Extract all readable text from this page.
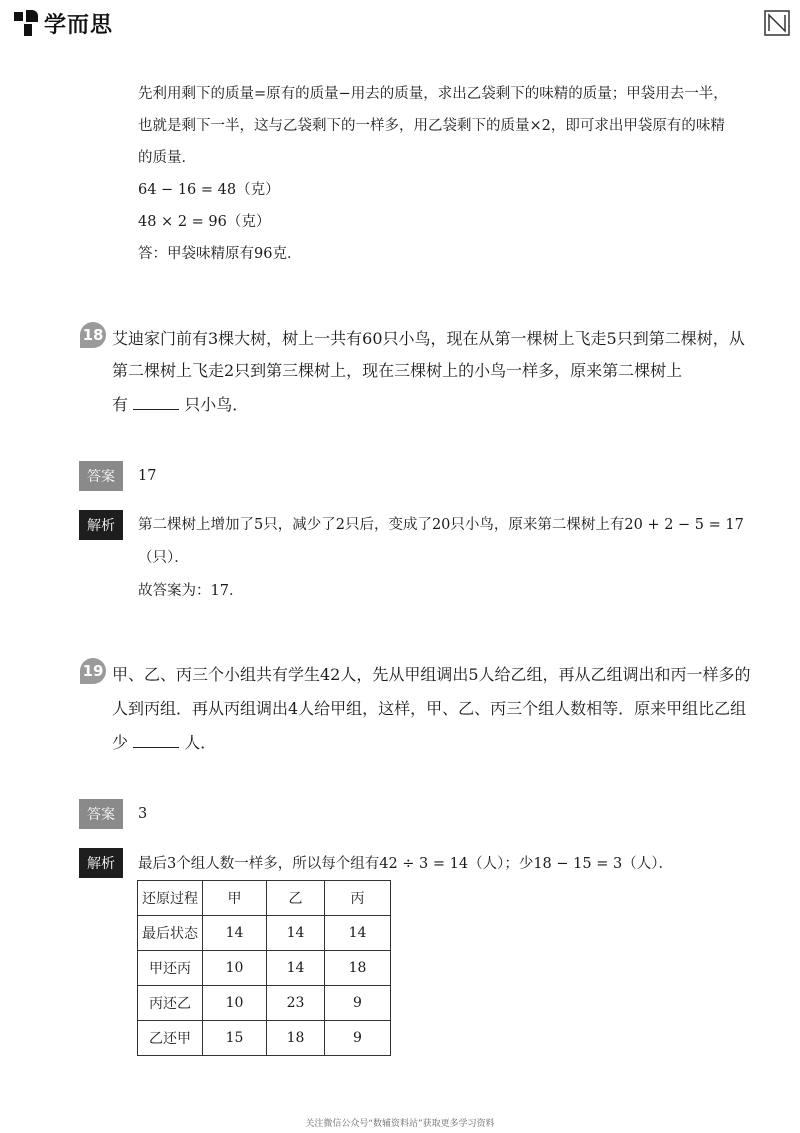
学而思
先利用剩下的质量=原有的质量−用去的质量，求出乙袋剩下的味精的质量；甲袋用去一半，
也就是剩下一半，这与乙袋剩下的一样多，用乙袋剩下的质量×2，即可求出甲袋原有的味精
的质量．
64 − 16 = 48（克）
48 × 2 = 96（克）
答：甲袋味精原有96克．
18 艾迪家门前有3棵大树，树上一共有60只小鸟，现在从第一棵树上飞走5只到第二棵树，从
第二棵树上飞走2只到第三棵树上，现在三棵树上的小鸟一样多，原来第二棵树上
有	只小鸟．
答案	17
解析	第二棵树上增加了5只，减少了2只后，变成了20只小鸟，原来第二棵树上有20 + 2 − 5 = 17
（只）．
故答案为：17．
19 甲、乙、丙三个小组共有学生42人，先从甲组调出5人给乙组，再从乙组调出和丙一样多的
人到丙组．再从丙组调出4人给甲组，这样，甲、乙、丙三个组人数相等．原来甲组比乙组
少	人．
答案	3
解析	最后3个组人数一样多，所以每个组有42 ÷ 3 = 14（人）；少18 − 15 = 3（人）．
还原过程	甲	乙	丙
最后状态	14	14	14
甲还丙	10	14	18
丙还乙	10	23	9
乙还甲	15	18	9
关注微信公众号“数辅资料站”获取更多学习资料
